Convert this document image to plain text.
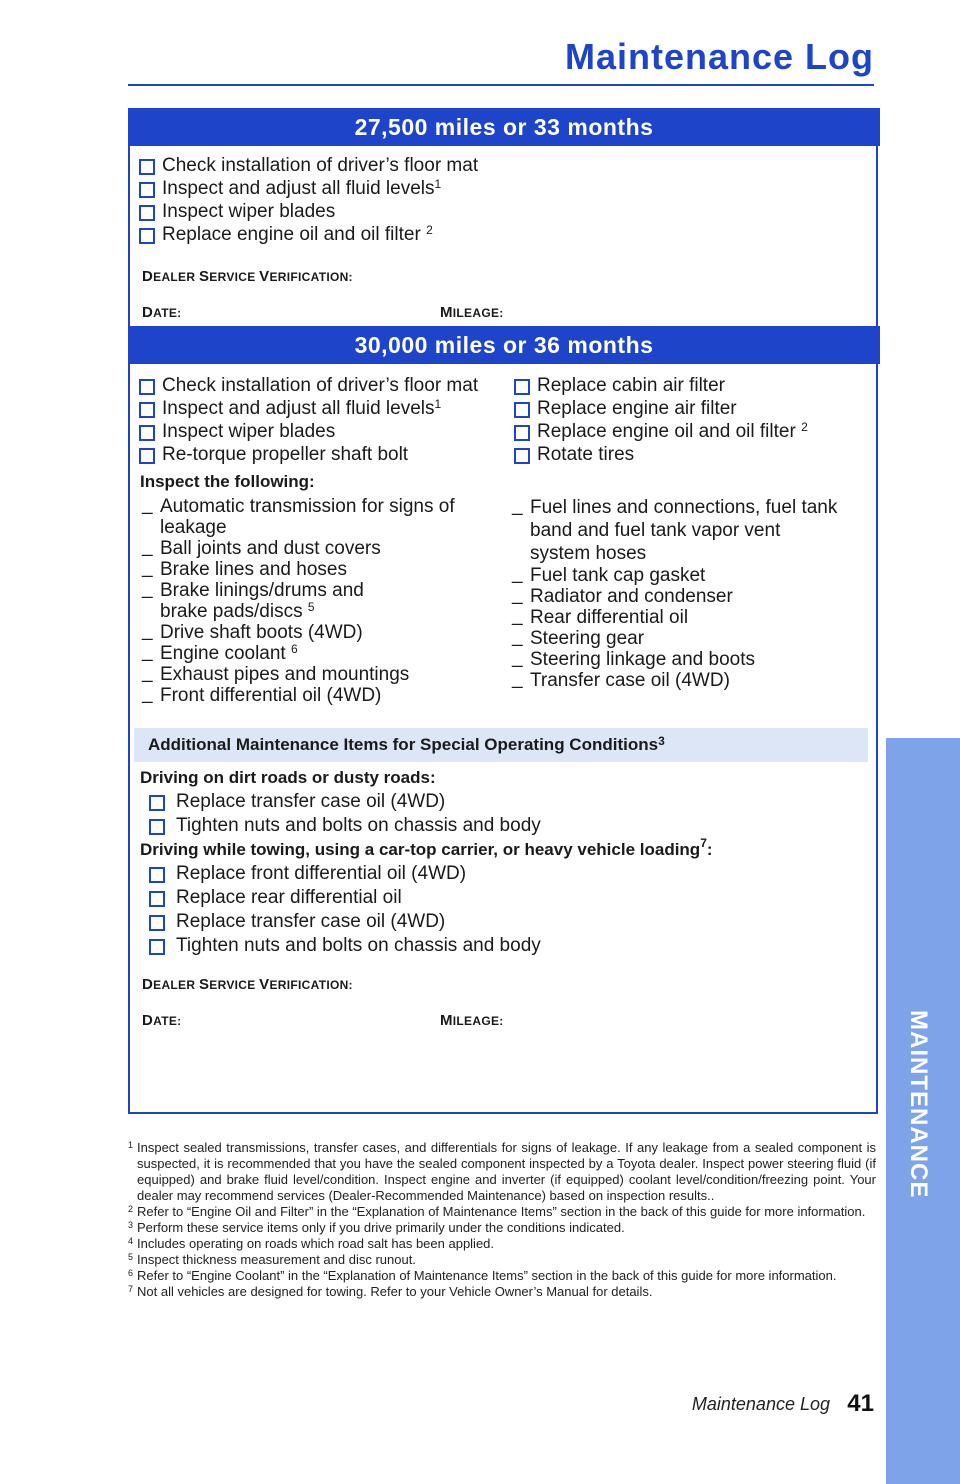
Maintenance Log
27,500 miles or 33 months
Check installation of driver’s floor mat
Inspect and adjust all fluid levels$^1$
Inspect wiper blades
Replace engine oil and oil filter $^2$
DEALER SERVICE VERIFICATION:
DATE:	MILEAGE:
30,000 miles or 36 months
Check installation of driver’s floor mat
Inspect and adjust all fluid levels$^1$
Inspect wiper blades
Re-torque propeller shaft bolt
Replace cabin air filter
Replace engine air filter
Replace engine oil and oil filter $^2$
Rotate tires
Inspect the following:
_ Automatic transmission for signs of leakage
_ Ball joints and dust covers
_ Brake lines and hoses
_ Brake linings/drums and brake pads/discs $^5$
_ Drive shaft boots (4WD)
_ Engine coolant $^6$
_ Exhaust pipes and mountings
_ Front differential oil (4WD)
_ Fuel lines and connections, fuel tank band and fuel tank vapor vent system hoses
_ Fuel tank cap gasket
_ Radiator and condenser
_ Rear differential oil
_ Steering gear
_ Steering linkage and boots
_ Transfer case oil (4WD)
Additional Maintenance Items for Special Operating Conditions$^3$
Driving on dirt roads or dusty roads:
Replace transfer case oil (4WD)
Tighten nuts and bolts on chassis and body
Driving while towing, using a car-top carrier, or heavy vehicle loading$^7$:
Replace front differential oil (4WD)
Replace rear differential oil
Replace transfer case oil (4WD)
Tighten nuts and bolts on chassis and body
DEALER SERVICE VERIFICATION:
DATE:	MILEAGE:

1 Inspect sealed transmissions, transfer cases, and differentials for signs of leakage. If any leakage from a sealed component is suspected, it is recommended that you have the sealed component inspected by a Toyota dealer. Inspect power steering fluid (if equipped) and brake fluid level/condition. Inspect engine and inverter (if equipped) coolant level/condition/freezing point. Your dealer may recommend services (Dealer-Recommended Maintenance) based on inspection results..

2 Refer to “Engine Oil and Filter” in the “Explanation of Maintenance Items” section in the back of this guide for more information.

3 Perform these service items only if you drive primarily under the conditions indicated.

4 Includes operating on roads which road salt has been applied.

5 Inspect thickness measurement and disc runout.

6 Refer to “Engine Coolant” in the “Explanation of Maintenance Items” section in the back of this guide for more information.

7 Not all vehicles are designed for towing. Refer to your Vehicle Owner’s Manual for details.

Maintenance Log 41
MAINTENANCE
